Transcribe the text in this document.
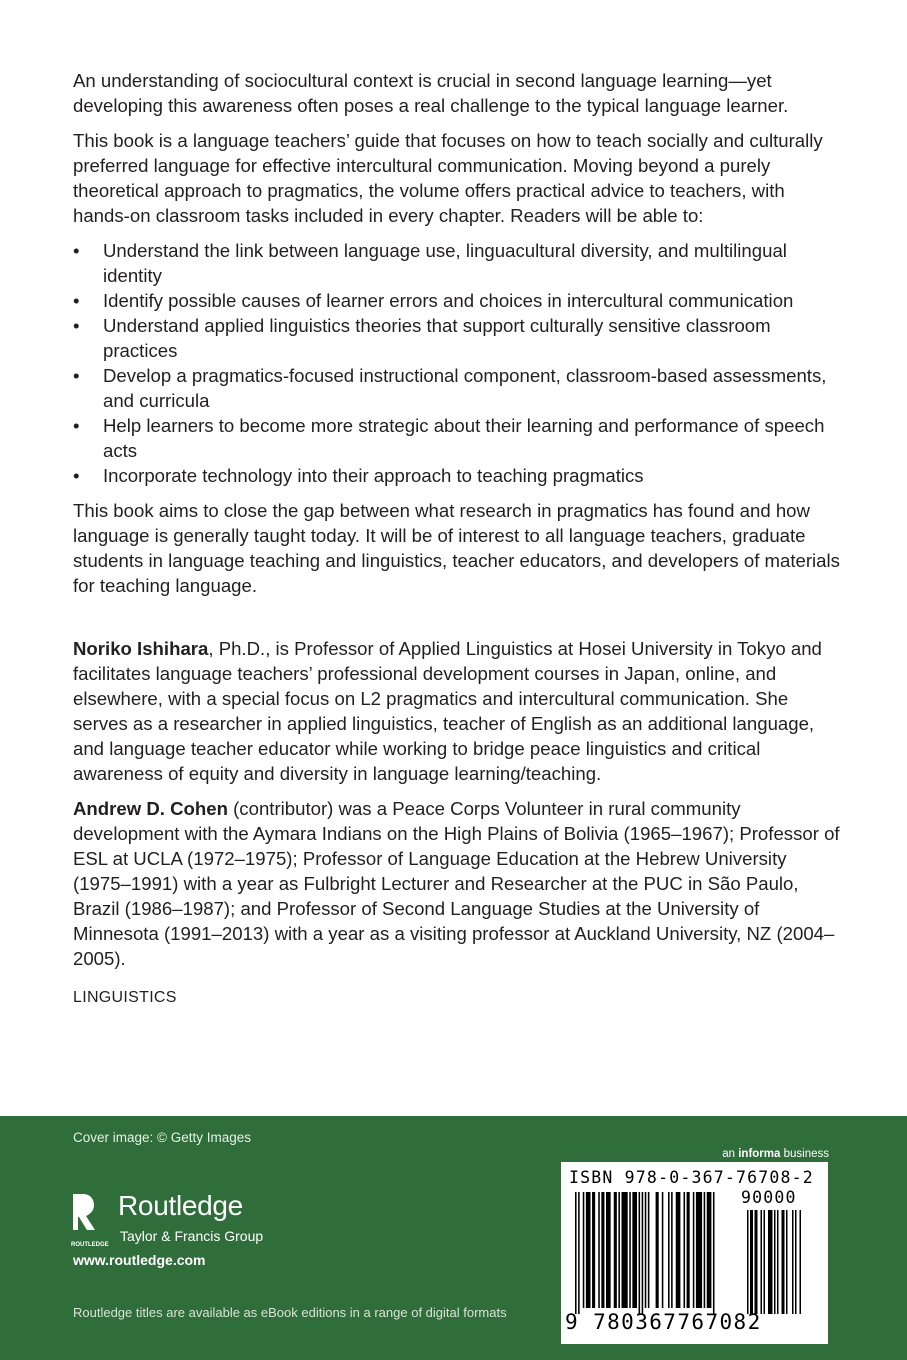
An understanding of sociocultural context is crucial in second language learning—yet developing this awareness often poses a real challenge to the typical language learner.

This book is a language teachers’ guide that focuses on how to teach socially and culturally preferred language for effective intercultural communication. Moving beyond a purely theoretical approach to pragmatics, the volume offers practical advice to teachers, with hands-on classroom tasks included in every chapter. Readers will be able to:

• Understand the link between language use, linguacultural diversity, and multilingual identity
• Identify possible causes of learner errors and choices in intercultural communication
• Understand applied linguistics theories that support culturally sensitive classroom practices
• Develop a pragmatics-focused instructional component, classroom-based assessments, and curricula
• Help learners to become more strategic about their learning and performance of speech acts
• Incorporate technology into their approach to teaching pragmatics

This book aims to close the gap between what research in pragmatics has found and how language is generally taught today. It will be of interest to all language teachers, graduate students in language teaching and linguistics, teacher educators, and developers of materials for teaching language.

Noriko Ishihara, Ph.D., is Professor of Applied Linguistics at Hosei University in Tokyo and facilitates language teachers’ professional development courses in Japan, online, and elsewhere, with a special focus on L2 pragmatics and intercultural communication. She serves as a researcher in applied linguistics, teacher of English as an additional language, and language teacher educator while working to bridge peace linguistics and critical awareness of equity and diversity in language learning/teaching.

Andrew D. Cohen (contributor) was a Peace Corps Volunteer in rural community development with the Aymara Indians on the High Plains of Bolivia (1965–1967); Professor of ESL at UCLA (1972–1975); Professor of Language Education at the Hebrew University (1975–1991) with a year as Fulbright Lecturer and Researcher at the PUC in São Paulo, Brazil (1986–1987); and Professor of Second Language Studies at the University of Minnesota (1991–2013) with a year as a visiting professor at Auckland University, NZ (2004–2005).

LINGUISTICS
Cover image: © Getty Images
ROUTLEDGE
Routledge
Taylor & Francis Group
www.routledge.com
Routledge titles are available as eBook editions in a range of digital formats
an informa business
ISBN 978-0-367-76708-2
90000
9 780367767082
